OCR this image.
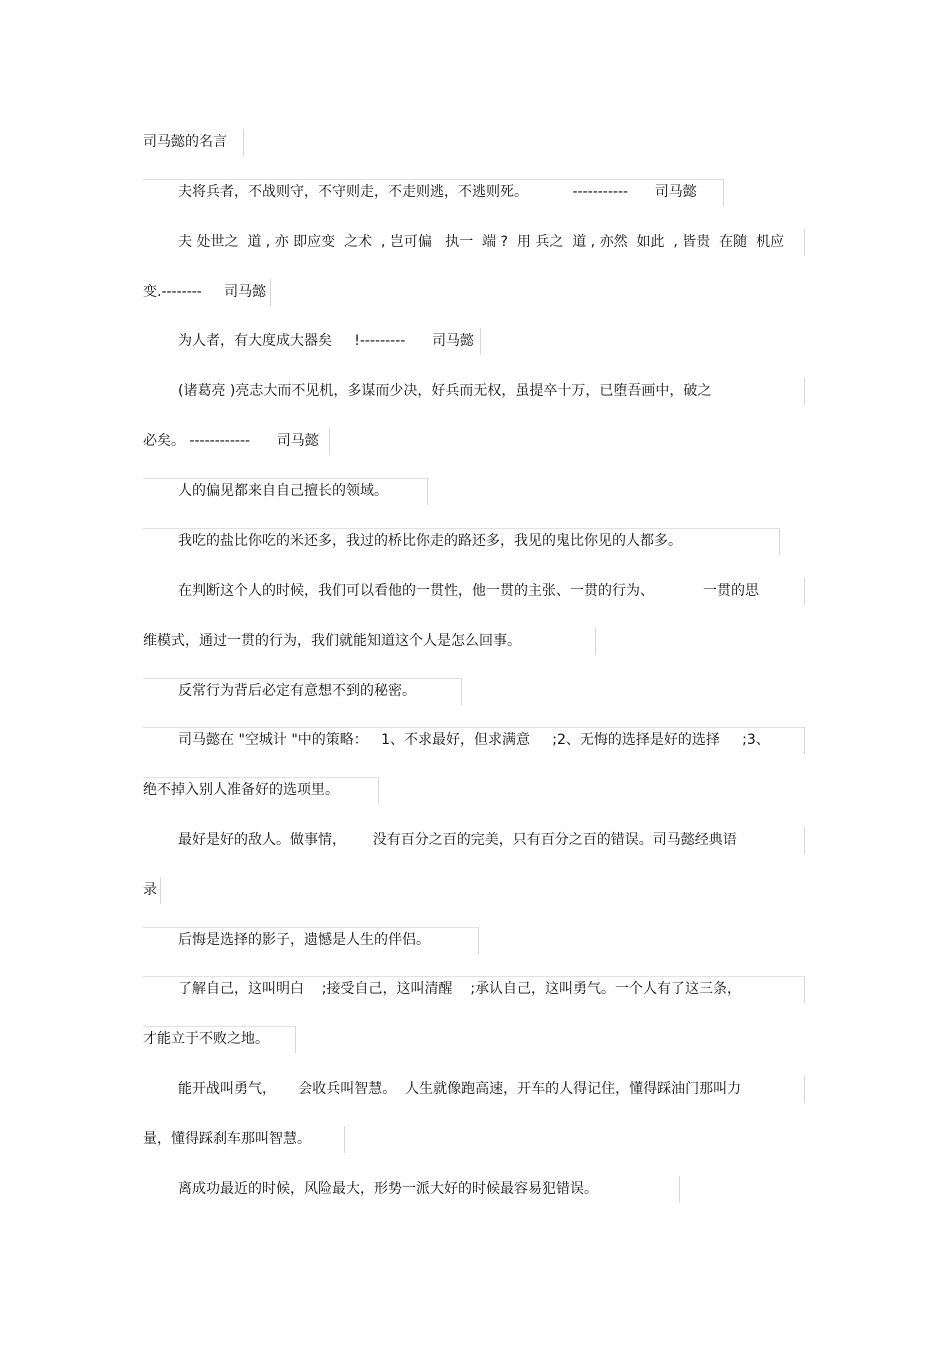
司马懿的名言
夫将兵者，不战则守，不守则走，不走则逃，不逃则死。          -----------      司马懿
夫 处世之  道 , 亦 即应变  之术  , 岂可偏   执一  端 ?  用 兵之  道 , 亦然  如此  , 皆贵  在随  机应
变.--------     司马懿
为人者，有大度成大器矣     !---------      司马懿
(诸葛亮 )亮志大而不见机，多谋而少决，好兵而无权，虽提卒十万，已堕吾画中，破之
必矣。 ------------      司马懿
人的偏见都来自自己擅长的领域。
我吃的盐比你吃的米还多，我过的桥比你走的路还多，我见的鬼比你见的人都多。
在判断这个人的时候，我们可以看他的一贯性，他一贯的主张、一贯的行为、           一贯的思
维模式，通过一贯的行为，我们就能知道这个人是怎么回事。
反常行为背后必定有意想不到的秘密。
司马懿在 "空城计 "中的策略：   1、不求最好，但求满意     ;2、无悔的选择是好的选择     ;3、
绝不掉入别人准备好的选项里。
最好是好的敌人。做事情，      没有百分之百的完美，只有百分之百的错误。司马懿经典语
录
后悔是选择的影子，遗憾是人生的伴侣。
了解自己，这叫明白    ;接受自己，这叫清醒    ;承认自己，这叫勇气。一个人有了这三条，
才能立于不败之地。
能开战叫勇气，     会收兵叫智慧。  人生就像跑高速，开车的人得记住，懂得踩油门那叫力
量，懂得踩刹车那叫智慧。
离成功最近的时候，风险最大，形势一派大好的时候最容易犯错误。
